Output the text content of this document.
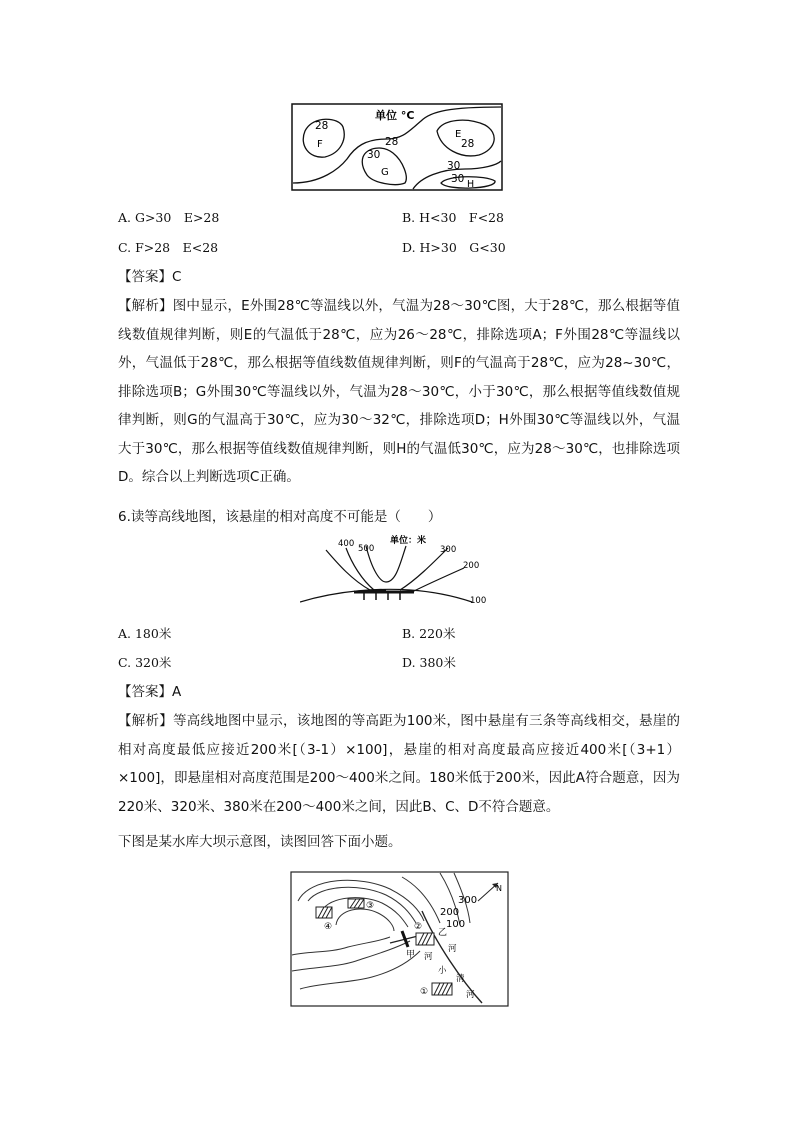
单位 °C
28
F	28
30
G
E
28
30
30 H
A. G>30　E>28	B. H<30　F<28
C. F>28　E<28	D. H>30　G<30
【答案】C
【解析】图中显示，E外围28℃等温线以外，气温为28～30℃图，大于28℃，那么根据等值线数值规律判断，则E的气温低于28℃，应为26～28℃，排除选项A；F外围28℃等温线以外，气温低于28℃，那么根据等值线数值规律判断，则F的气温高于28℃，应为28~30℃，排除选项B；G外围30℃等温线以外，气温为28～30℃，小于30℃，那么根据等值线数值规律判断，则G的气温高于30℃，应为30～32℃，排除选项D；H外围30℃等温线以外，气温大于30℃，那么根据等值线数值规律判断，则H的气温低30℃，应为28～30℃，也排除选项D。综合以上判断选项C正确。
6.读等高线地图，该悬崖的相对高度不可能是（　　）
单位：米
400 500	300
200
100
A. 180米	B. 220米
C. 320米	D. 380米
【答案】A
【解析】等高线地图中显示，该地图的等高距为100米，图中悬崖有三条等高线相交，悬崖的相对高度最低应接近200米[（3-1）×100]，悬崖的相对高度最高应接近400米[（3+1）×100]，即悬崖相对高度范围是200～400米之间。180米低于200米，因此A符合题意，因为220米、320米、380米在200～400米之间，因此B、C、D不符合题意。
下图是某水库大坝示意图，读图回答下面小题。
N
300
200
100
③
④	②
①
乙
甲
河
河
小
清
河
